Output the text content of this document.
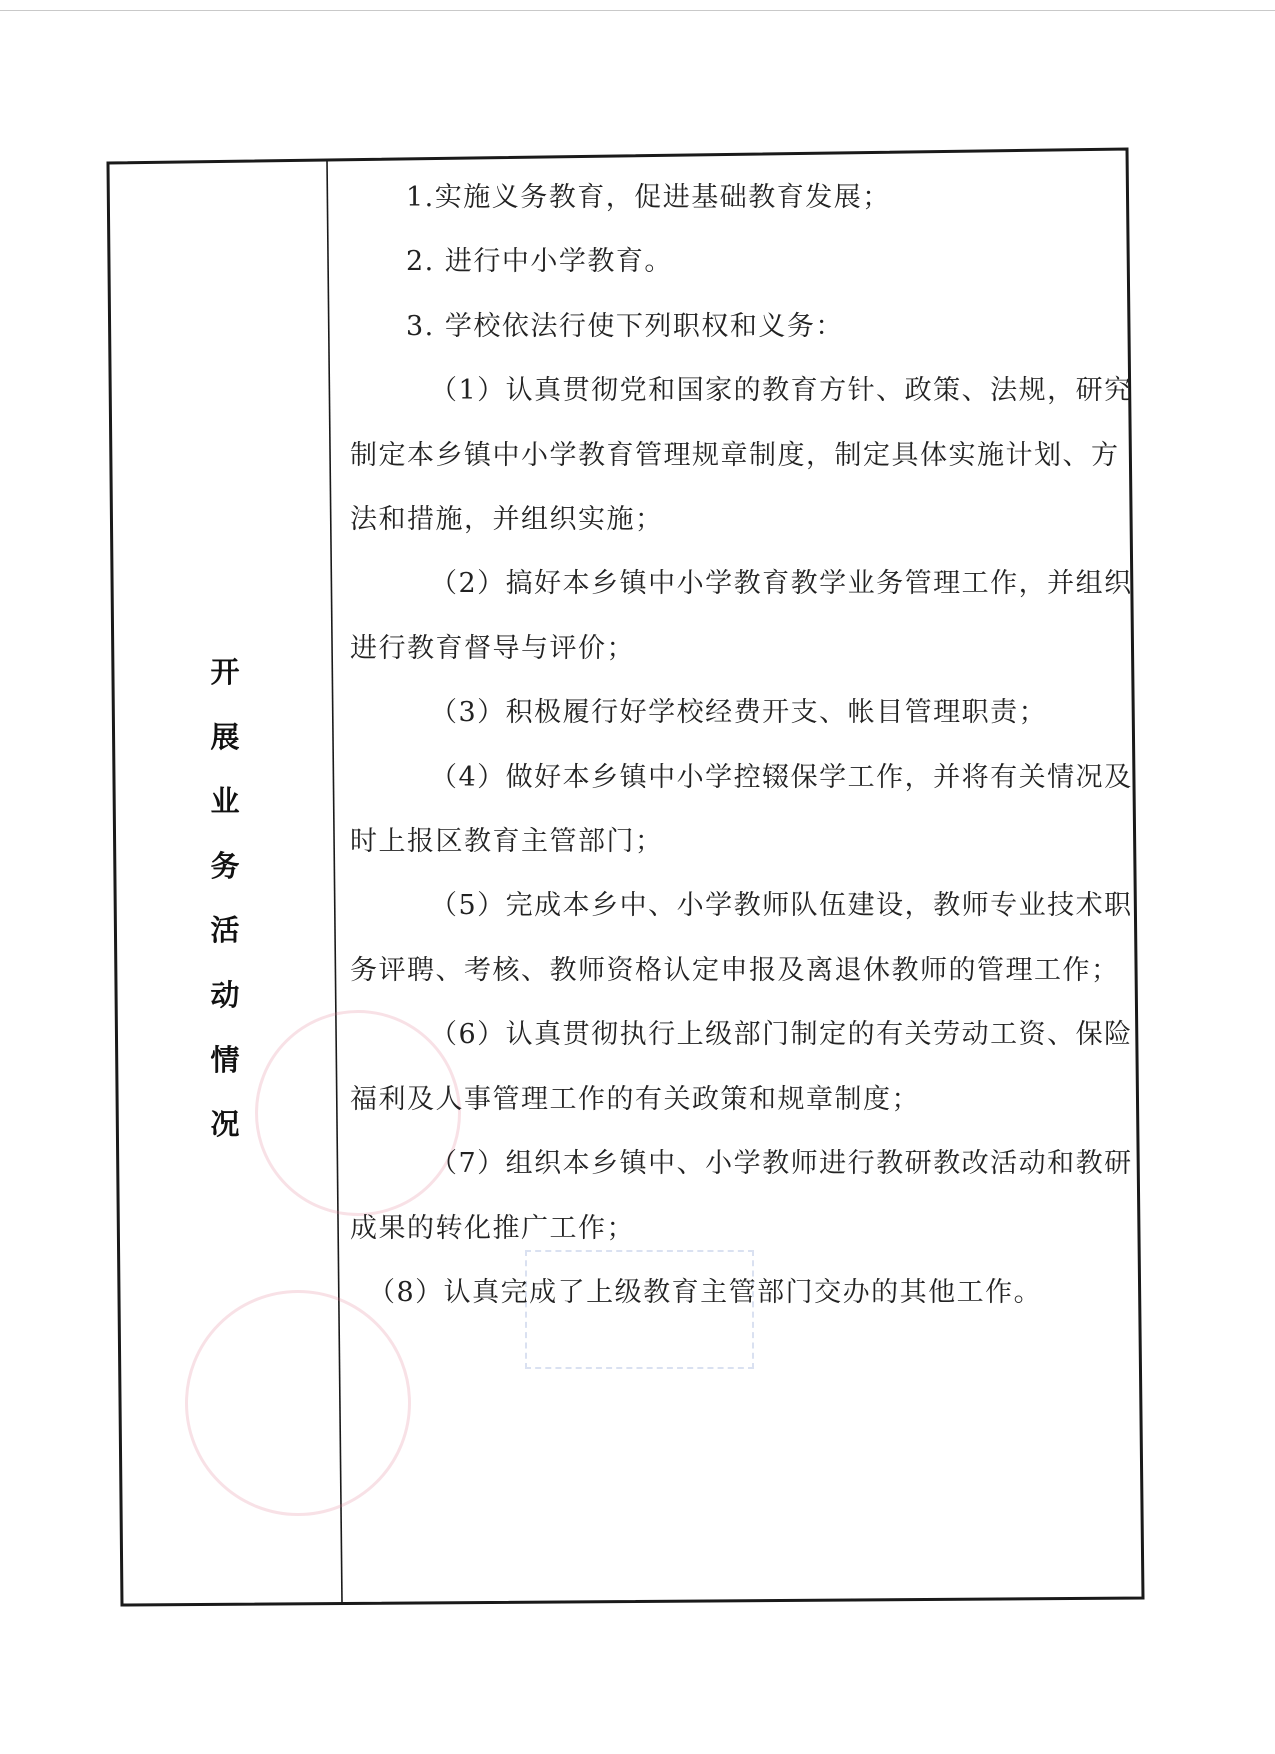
开
展
业
务
活
动
情
况

1.实施义务教育，促进基础教育发展；

2. 进行中小学教育。

3. 学校依法行使下列职权和义务：

（1）认真贯彻党和国家的教育方针、政策、法规，研究

制定本乡镇中小学教育管理规章制度，制定具体实施计划、方

法和措施，并组织实施；

（2）搞好本乡镇中小学教育教学业务管理工作，并组织

进行教育督导与评价；

（3）积极履行好学校经费开支、帐目管理职责；

（4）做好本乡镇中小学控辍保学工作，并将有关情况及

时上报区教育主管部门；

（5）完成本乡中、小学教师队伍建设，教师专业技术职

务评聘、考核、教师资格认定申报及离退休教师的管理工作；

（6）认真贯彻执行上级部门制定的有关劳动工资、保险

福利及人事管理工作的有关政策和规章制度；

（7）组织本乡镇中、小学教师进行教研教改活动和教研

成果的转化推广工作；

（8）认真完成了上级教育主管部门交办的其他工作。
